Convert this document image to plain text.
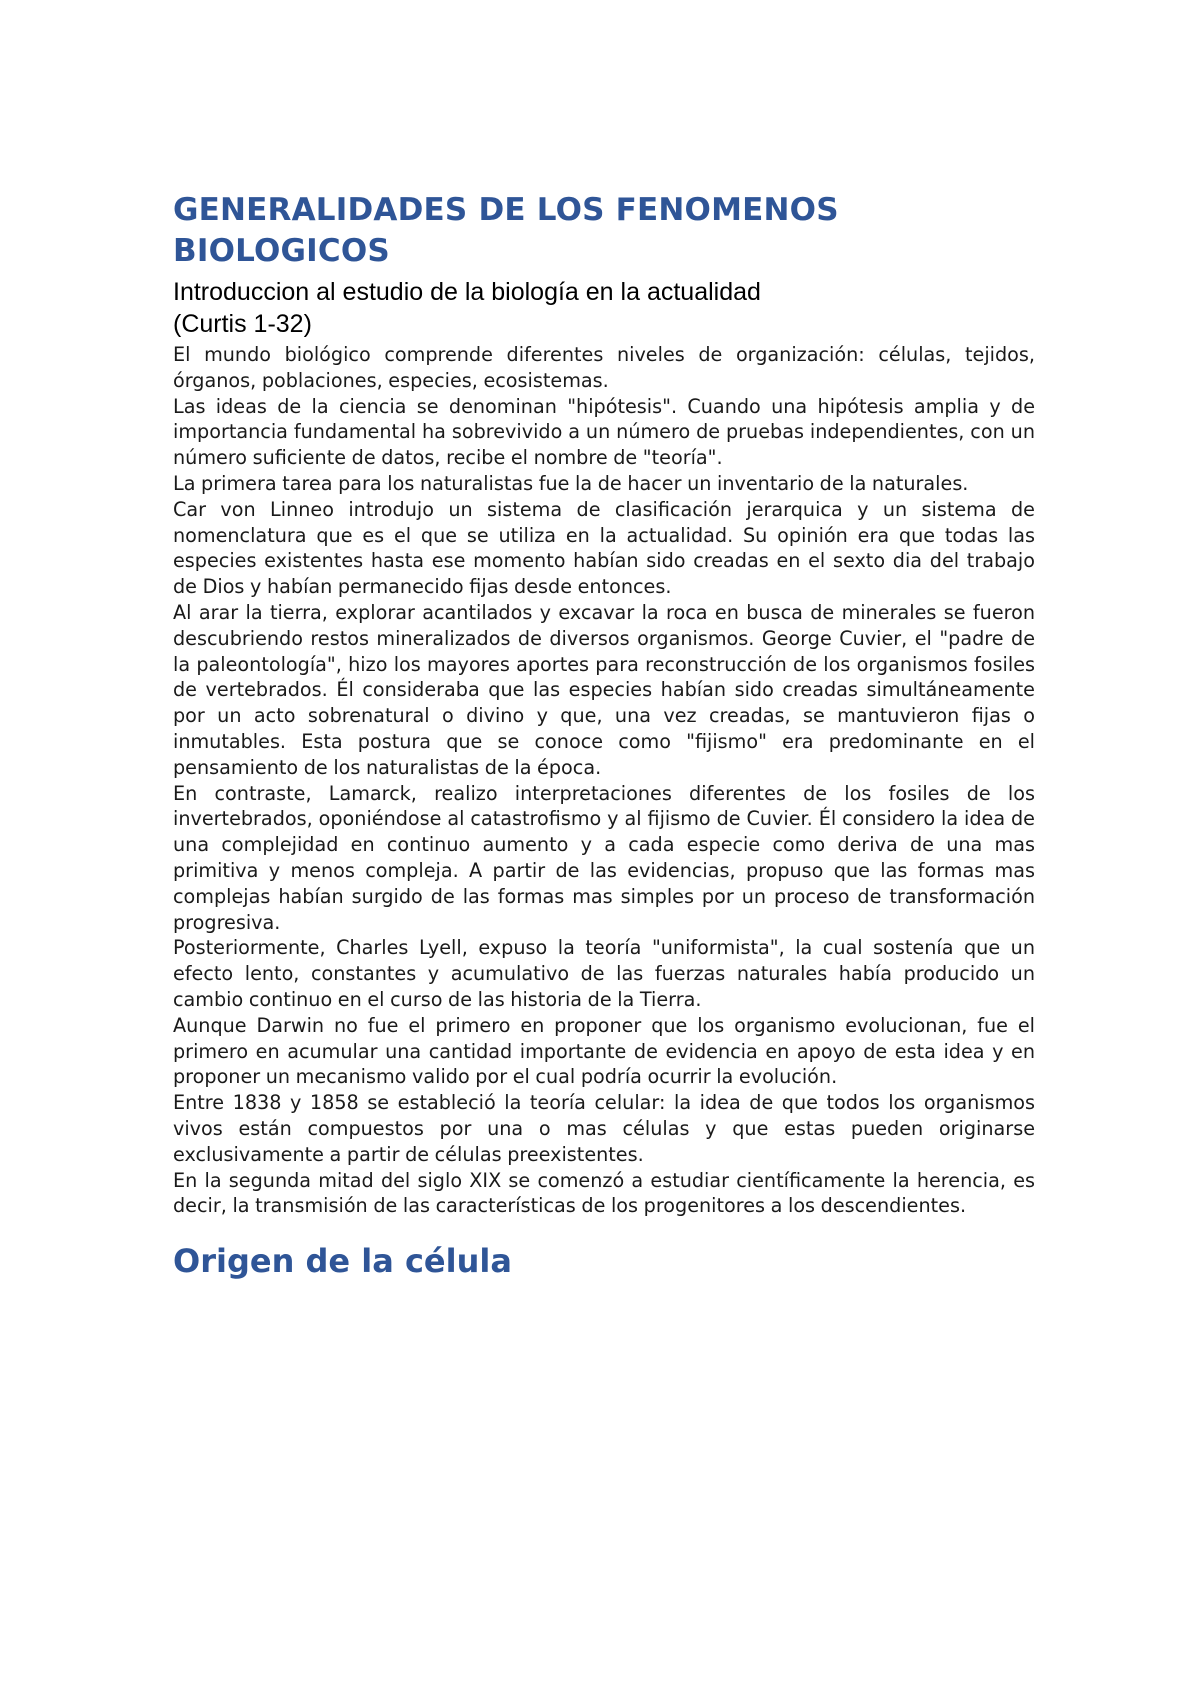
GENERALIDADES DE LOS FENOMENOS BIOLOGICOS
Introduccion al estudio de la biología en la actualidad
(Curtis 1-32)

El mundo biológico comprende diferentes niveles de organización: células, tejidos, órganos, poblaciones, especies, ecosistemas.

Las ideas de la ciencia se denominan "hipótesis". Cuando una hipótesis amplia y de importancia fundamental ha sobrevivido a un número de pruebas independientes, con un número suficiente de datos, recibe el nombre de "teoría".

La primera tarea para los naturalistas fue la de hacer un inventario de la naturales.

Car von Linneo introdujo un sistema de clasificación jerarquica y un sistema de nomenclatura que es el que se utiliza en la actualidad. Su opinión era que todas las especies existentes hasta ese momento habían sido creadas en el sexto dia del trabajo de Dios y habían permanecido fijas desde entonces.

Al arar la tierra, explorar acantilados y excavar la roca en busca de minerales se fueron descubriendo restos mineralizados de diversos organismos. George Cuvier, el "padre de la paleontología", hizo los mayores aportes para reconstrucción de los organismos fosiles de vertebrados. Él consideraba que las especies habían sido creadas simultáneamente por un acto sobrenatural o divino y que, una vez creadas, se mantuvieron fijas o inmutables. Esta postura que se conoce como "fijismo" era predominante en el pensamiento de los naturalistas de la época.

En contraste, Lamarck, realizo interpretaciones diferentes de los fosiles de los invertebrados, oponiéndose al catastrofismo y al fijismo de Cuvier. Él considero la idea de una complejidad en continuo aumento y a cada especie como deriva de una mas primitiva y menos compleja. A partir de las evidencias, propuso que las formas mas complejas habían surgido de las formas mas simples por un proceso de transformación progresiva.

Posteriormente, Charles Lyell, expuso la teoría "uniformista", la cual sostenía que un efecto lento, constantes y acumulativo de las fuerzas naturales había producido un cambio continuo en el curso de las historia de la Tierra.

Aunque Darwin no fue el primero en proponer que los organismo evolucionan, fue el primero en acumular una cantidad importante de evidencia en apoyo de esta idea y en proponer un mecanismo valido por el cual podría ocurrir la evolución.

Entre 1838 y 1858 se estableció la teoría celular: la idea de que todos los organismos vivos están compuestos por una o mas células y que estas pueden originarse exclusivamente a partir de células preexistentes.

En la segunda mitad del siglo XIX se comenzó a estudiar científicamente la herencia, es decir, la transmisión de las características de los progenitores a los descendientes.

Origen de la célula
